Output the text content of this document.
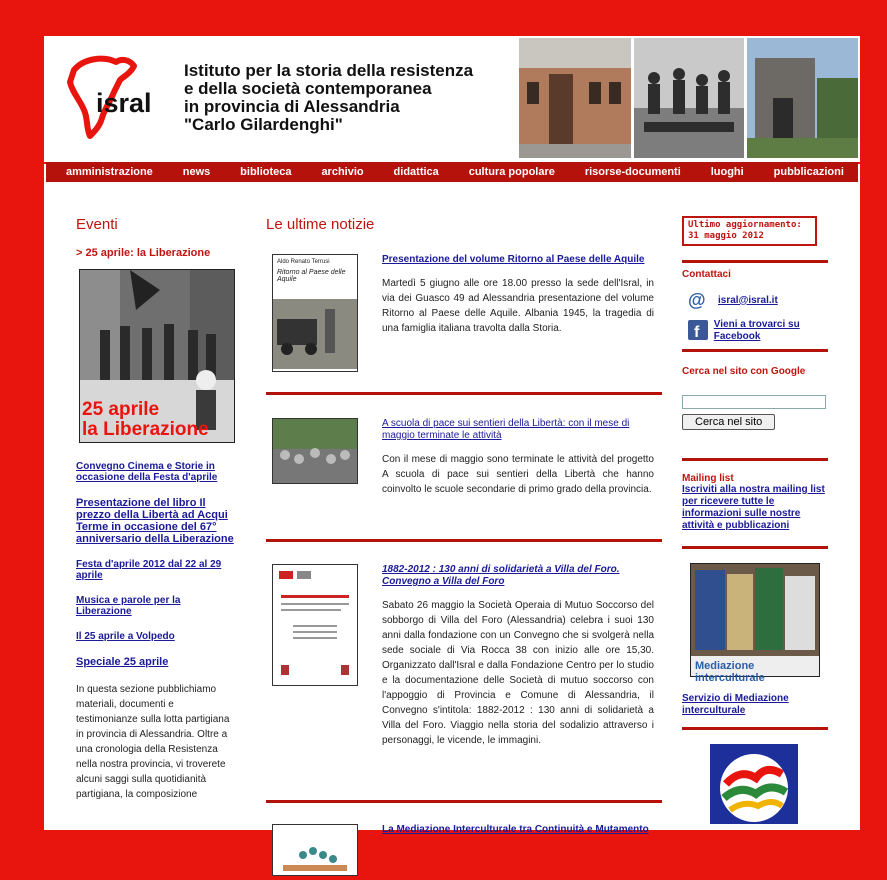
isral
Istituto per la storia della resistenza
e della società contemporanea
in provincia di Alessandria
"Carlo Gilardenghi"
amministrazione	news	biblioteca	archivio	didattica	cultura popolare	risorse-documenti	luoghi	pubblicazioni
Eventi
> 25 aprile: la Liberazione
25 aprile
la Liberazione
Convegno Cinema e Storie in occasione della Festa d'aprile
Presentazione del libro Il prezzo della Libertà ad Acqui Terme in occasione del 67° anniversario della Liberazione
Festa d'aprile 2012 dal 22 al 29 aprile
Musica e parole per la Liberazione
Il 25 aprile a Volpedo
Speciale 25 aprile
In questa sezione pubblichiamo materiali, documenti e testimonianze sulla lotta partigiana in provincia di Alessandria. Oltre a una cronologia della Resistenza nella nostra provincia, vi troverete alcuni saggi sulla quotidianità partigiana, la composizione
Le ultime notizie
Aldo Renato Terrusi
Ritorno al Paese delle Aquile
Presentazione del volume Ritorno al Paese delle Aquile

Martedì 5 giugno alle ore 18.00 presso la sede dell'Isral, in via dei Guasco 49 ad Alessandria presentazione del volume Ritorno al Paese delle Aquile. Albania 1945, la tragedia di una famiglia italiana travolta dalla Storia.

A scuola di pace sui sentieri della Libertà: con il mese di maggio terminate le attività

Con il mese di maggio sono terminate le attività del progetto A scuola di pace sui sentieri della Libertà che hanno coinvolto le scuole secondarie di primo grado della provincia.

1882-2012 : 130 anni di solidarietà a Villa del Foro. Convegno a Villa del Foro

Sabato 26 maggio la Società Operaia di Mutuo Soccorso del sobborgo di Villa del Foro (Alessandria) celebra i suoi 130 anni dalla fondazione con un Convegno che si svolgerà nella sede sociale di Via Rocca 38 con inizio alle ore 15,30. Organizzato dall'Isral e dalla Fondazione Centro per lo studio e la documentazione delle Società di mutuo soccorso con l'appoggio di Provincia e Comune di Alessandria, il Convegno s'intitola: 1882-2012 : 130 anni di solidarietà a Villa del Foro. Viaggio nella storia del sodalizio attraverso i personaggi, le vicende, le immagini.

La Mediazione Interculturale tra Continuità e Mutamento
Ultimo aggiornamento:
31 maggio 2012
Contattaci
@	isral@isral.it
f Vieni a trovarci su Facebook
Cerca nel sito con Google
Cerca nel sito
Mailing list
Iscriviti alla nostra mailing list per ricevere tutte le informazioni sulle nostre attività e pubblicazioni
Mediazione interculturale
Servizio di Mediazione interculturale
